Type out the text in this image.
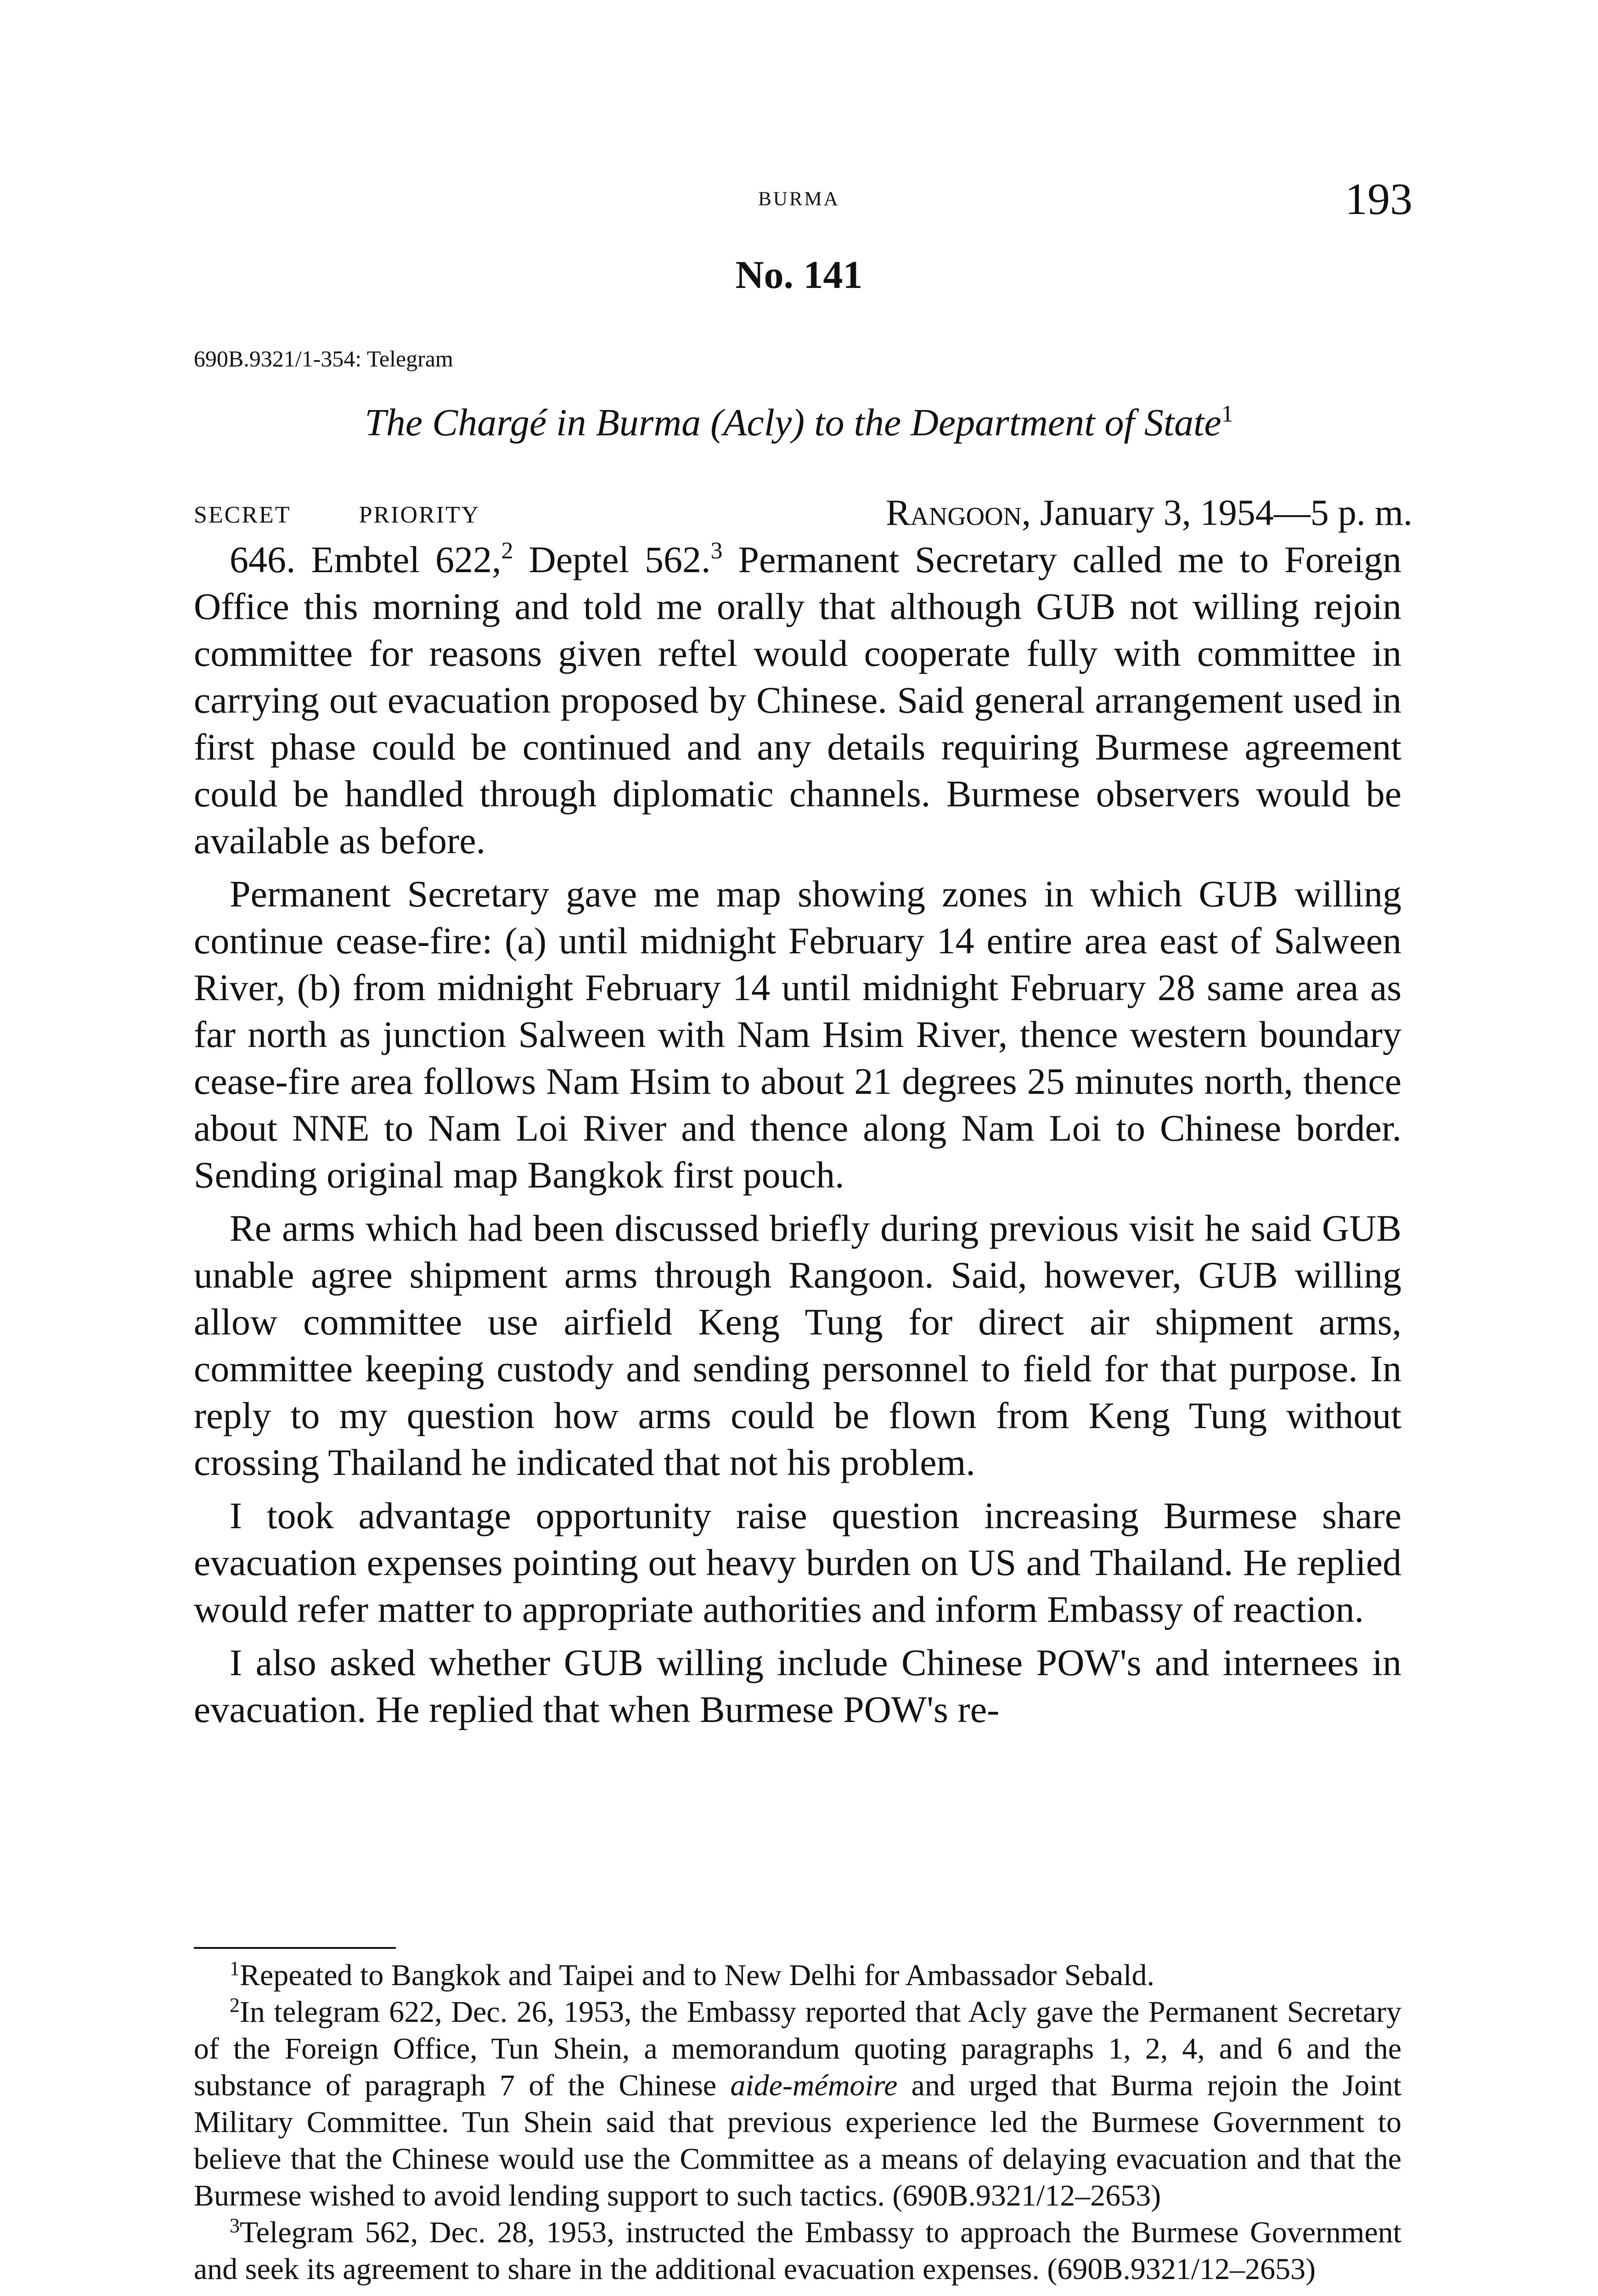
burma	193
No. 141
690B.9321/1-354: Telegram
The Chargé in Burma (Acly) to the Department of State$^1$
SECRET	PRIORITY	Rangoon, January 3, 1954—5 p. m.

646. Embtel 622,$^2$ Deptel 562.$^3$ Permanent Secretary called me to Foreign Office this morning and told me orally that although GUB not willing rejoin committee for reasons given reftel would cooperate fully with committee in carrying out evacuation proposed by Chinese. Said general arrangement used in first phase could be continued and any details requiring Burmese agreement could be handled through diplomatic channels. Burmese observers would be available as before.

Permanent Secretary gave me map showing zones in which GUB willing continue cease-fire: (a) until midnight February 14 entire area east of Salween River, (b) from midnight February 14 until midnight February 28 same area as far north as junction Salween with Nam Hsim River, thence western boundary cease-fire area follows Nam Hsim to about 21 degrees 25 minutes north, thence about NNE to Nam Loi River and thence along Nam Loi to Chinese border. Sending original map Bangkok first pouch.

Re arms which had been discussed briefly during previous visit he said GUB unable agree shipment arms through Rangoon. Said, however, GUB willing allow committee use airfield Keng Tung for direct air shipment arms, committee keeping custody and sending personnel to field for that purpose. In reply to my question how arms could be flown from Keng Tung without crossing Thailand he indicated that not his problem.

I took advantage opportunity raise question increasing Burmese share evacuation expenses pointing out heavy burden on US and Thailand. He replied would refer matter to appropriate authorities and inform Embassy of reaction.

I also asked whether GUB willing include Chinese POW's and internees in evacuation. He replied that when Burmese POW's re-

$^1$Repeated to Bangkok and Taipei and to New Delhi for Ambassador Sebald.

$^2$In telegram 622, Dec. 26, 1953, the Embassy reported that Acly gave the Permanent Secretary of the Foreign Office, Tun Shein, a memorandum quoting paragraphs 1, 2, 4, and 6 and the substance of paragraph 7 of the Chinese aide-mémoire and urged that Burma rejoin the Joint Military Committee. Tun Shein said that previous experience led the Burmese Government to believe that the Chinese would use the Committee as a means of delaying evacuation and that the Burmese wished to avoid lending support to such tactics. (690B.9321/12–2653)

$^3$Telegram 562, Dec. 28, 1953, instructed the Embassy to approach the Burmese Government and seek its agreement to share in the additional evacuation expenses. (690B.9321/12–2653)
